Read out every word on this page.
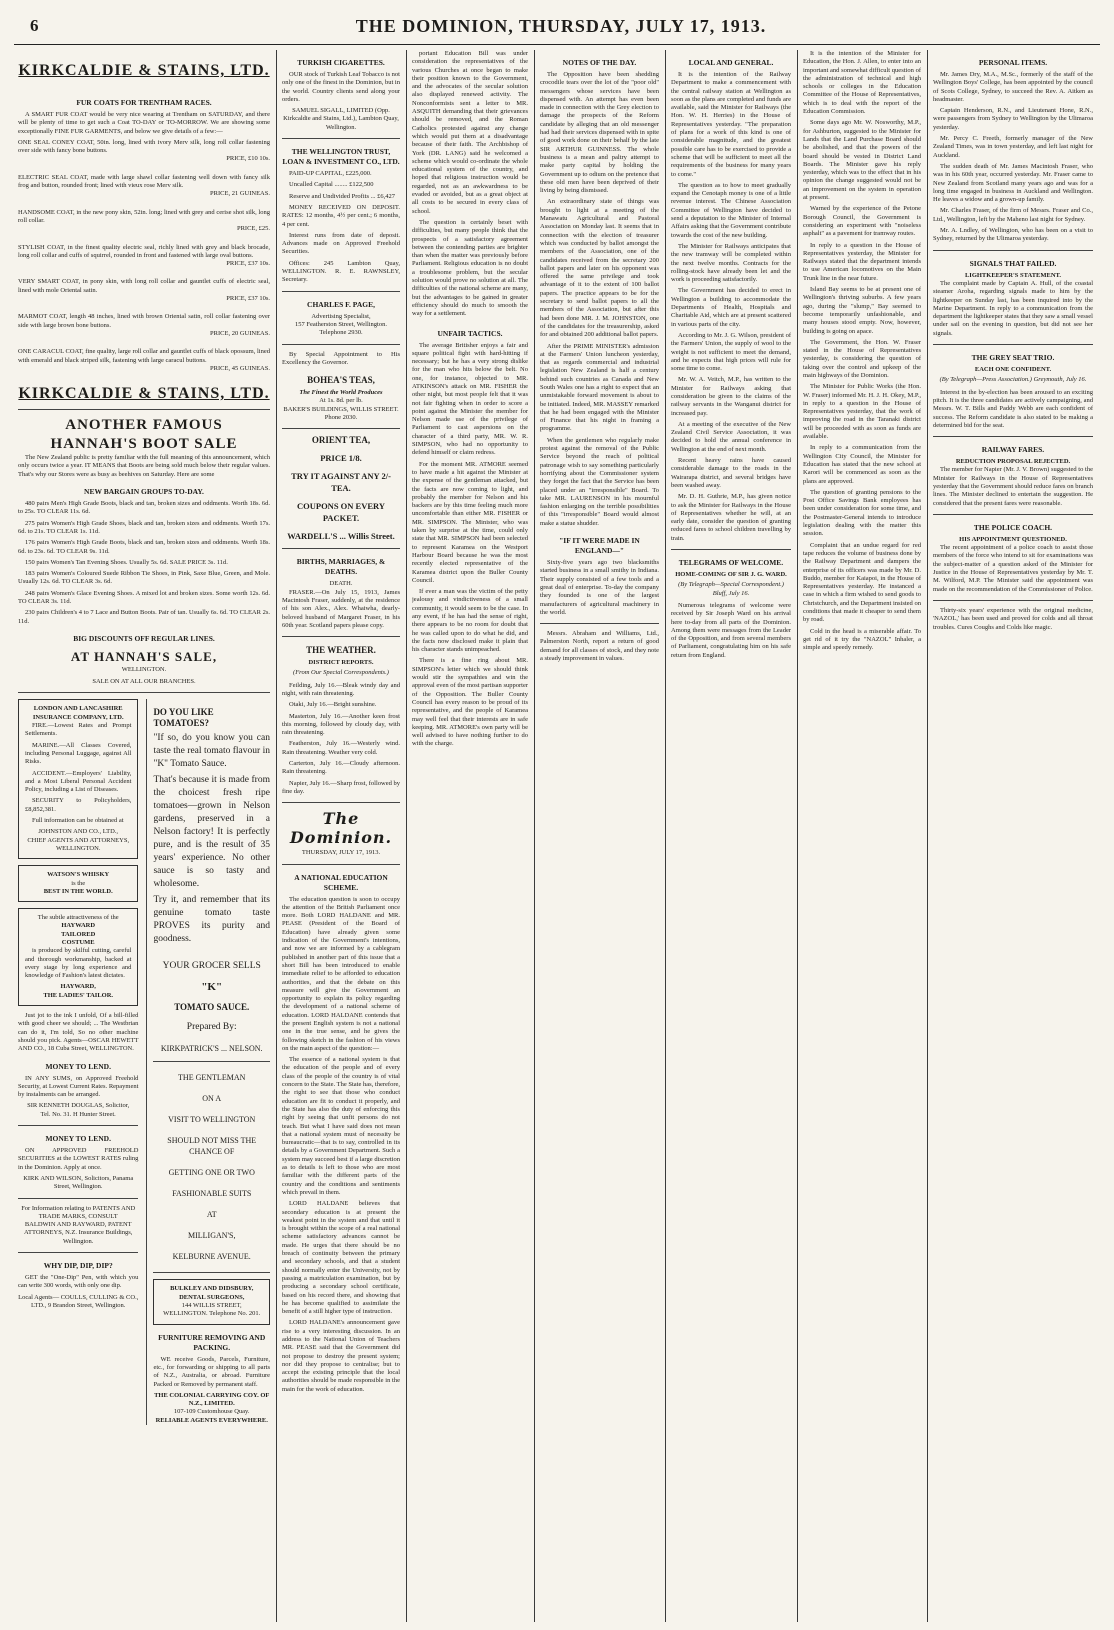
6	THE DOMINION, THURSDAY, JULY 17, 1913.
KIRKCALDIE & STAINS, LTD.
FUR COATS FOR TRENTHAM RACES.

A SMART FUR COAT would be very nice wearing at Trentham on SATURDAY, and there will be plenty of time to get such a Coat TO-DAY or TO-MORROW. We are showing some exceptionally FINE FUR GARMENTS, and below we give details of a few:—

ONE SEAL CONEY COAT, 50in. long, lined with ivory Merv silk, long roll collar fastening over side with fancy bone buttons.
PRICE, £10 10s.
ELECTRIC SEAL COAT, made with large shawl collar fastening well down with fancy silk frog and button, rounded front; lined with vieux rose Merv silk.
PRICE, 21 GUINEAS.
HANDSOME COAT, in the new pony skin, 52in. long; lined with grey and cerise shot silk, long roll collar.
PRICE, £25.
STYLISH COAT, in the finest quality electric seal, richly lined with grey and black brocade, long roll collar and cuffs of squirrel, rounded in front and fastened with large oval buttons.
PRICE, £37 10s.
VERY SMART COAT, in pony skin, with long roll collar and gauntlet cuffs of electric seal, lined with mole Oriental satin.
PRICE, £37 10s.
MARMOT COAT, length 48 inches, lined with brown Oriental satin, roll collar fastening over side with large brown bone buttons.
PRICE, 20 GUINEAS.
ONE CARACUL COAT, fine quality, large roll collar and gauntlet cuffs of black opossum, lined with emerald and black striped silk, fastening with large caracul buttons.
PRICE, 45 GUINEAS.
KIRKCALDIE & STAINS, LTD.
ANOTHER FAMOUS
HANNAH'S BOOT SALE

The New Zealand public is pretty familiar with the full meaning of this announcement, which only occurs twice a year. IT MEANS that Boots are being sold much below their regular values. That's why our Stores were as busy as beehives on Saturday. Here are some

NEW BARGAIN GROUPS TO-DAY.

480 pairs Men's High Grade Boots, black and tan, broken sizes and oddments. Worth 18s. 6d. to 25s. TO CLEAR 11s. 6d.

275 pairs Women's High Grade Shoes, black and tan, broken sizes and oddments. Worth 17s. 6d. to 21s. TO CLEAR 1s. 11d.

176 pairs Women's High Grade Boots, black and tan, broken sizes and oddments. Worth 18s. 6d. to 23s. 6d. TO CLEAR 9s. 11d.

150 pairs Women's Tan Evening Shoes. Usually 5s. 6d. SALE PRICE 3s. 11d.

183 pairs Women's Coloured Suede Ribbon Tie Shoes, in Pink, Saxe Blue, Green, and Mole. Usually 12s. 6d. TO CLEAR 3s. 6d.

248 pairs Women's Glace Evening Shoes. A mixed lot and broken sizes. Some worth 12s. 6d. TO CLEAR 3s. 11d.

230 pairs Children's 4 to 7 Lace and Button Boots. Pair of tan. Usually 6s. 6d. TO CLEAR 2s. 11d.

BIG DISCOUNTS OFF REGULAR LINES.
AT HANNAH'S SALE,
WELLINGTON.
SALE ON AT ALL OUR BRANCHES.
LONDON AND LANCASHIRE INSURANCE COMPANY, LTD.

FIRE.—Lowest Rates and Prompt Settlements.

MARINE.—All Classes Covered, including Personal Luggage, against All Risks.

ACCIDENT.—Employers' Liability, and a Most Liberal Personal Accident Policy, including a List of Diseases.

SECURITY to Policyholders, £8,852,381.

Full information can be obtained at

JOHNSTON AND CO., LTD.,
CHIEF AGENTS AND ATTORNEYS,
WELLINGTON.
WATSON'S WHISKY
is the
BEST IN THE WORLD.
The subtle attractiveness of the
HAYWARD
TAILORED
COSTUME

is produced by skilful cutting, careful and thorough workmanship, backed at every stage by long experience and knowledge of Fashion's latest dictates.

HAYWARD,
THE LADIES' TAILOR.

Just jot to the ink I unfold, Of a bill-filled with good cheer we should; ... The Westbrian can do it, I'm told, So no other machine should you pick. Agents—OSCAR HEWETT AND CO., 18 Cuba Street, WELLINGTON.

MONEY TO LEND.

IN ANY SUMS, on Approved Freehold Security, at Lowest Current Rates. Repayment by instalments can be arranged.

SIR KENNETH DOUGLAS, Solicitor,
Tel. No. 31. H Hunter Street.
MONEY TO LEND.

ON APPROVED FREEHOLD SECURITIES at the LOWEST RATES ruling in the Dominion. Apply at once.

KIRK AND WILSON, Solicitors, Panama Street, Wellington.
For Information relating to PATENTS AND TRADE MARKS, CONSULT
BALDWIN AND RAYWARD, PATENT ATTORNEYS, N.Z. Insurance Buildings, Wellington.
WHY DIP, DIP, DIP?

GET the "One-Dip" Pen, with which you can write 300 words, with only one dip.

Local Agents— COULLS, CULLING & CO., LTD., 9 Brandon Street, Wellington.
DO YOU LIKE TOMATOES?

"If so, do you know you can taste the real tomato flavour in "K" Tomato Sauce.

That's because it is made from the choicest fresh ripe tomatoes—grown in Nelson gardens, preserved in a Nelson factory! It is perfectly pure, and is the result of 35 years' experience. No other sauce is so tasty and wholesome.

Try it, and remember that its genuine tomato taste PROVES its purity and goodness.

YOUR GROCER SELLS
"K"
TOMATO SAUCE.
Prepared By:
KIRKPATRICK'S ... NELSON.
THE GENTLEMAN
ON A
VISIT TO WELLINGTON
SHOULD NOT MISS THE CHANCE OF
GETTING ONE OR TWO
FASHIONABLE SUITS
AT
MILLIGAN'S,
KELBURNE AVENUE.
BULKLEY AND DIDSBURY, DENTAL SURGEONS,
144 WILLIS STREET, WELLINGTON. Telephone No. 201.
FURNITURE REMOVING AND PACKING.

WE receive Goods, Parcels, Furniture, etc., for forwarding or shipping to all parts of N.Z., Australia, or abroad. Furniture Packed or Removed by permanent staff.

THE COLONIAL CARRYING COY. OF N.Z., LIMITED.
107-109 Customhouse Quay.
RELIABLE AGENTS EVERYWHERE.
TURKISH CIGARETTES.

OUR stock of Turkish Leaf Tobacco is not only one of the finest in the Dominion, but in the world. Country clients send along your orders.

SAMUEL SIGALL, LIMITED (Opp. Kirkcaldie and Stains, Ltd.), Lambton Quay, Wellington.
THE WELLINGTON TRUST, LOAN & INVESTMENT CO., LTD.

PAID-UP CAPITAL, £225,000.

Uncalled Capital ........ £122,500

Reserve and Undivided Profits ... £6,427

MONEY RECEIVED ON DEPOSIT. RATES: 12 months, 4½ per cent.; 6 months, 4 per cent.

Interest runs from date of deposit. Advances made on Approved Freehold Securities.

Offices: 245 Lambton Quay, WELLINGTON. R. E. RAWNSLEY, Secretary.

CHARLES F. PAGE,
Advertising Specialist,
157 Featherston Street, Wellington.
Telephone 2930.

By Special Appointment to His Excellency the Governor.

BOHEA'S TEAS,
The Finest the World Produces
At 1s. 8d. per lb.
BAKER'S BUILDINGS, WILLIS STREET.
Phone 2030.
ORIENT TEA,
PRICE 1/8.
TRY IT AGAINST ANY 2/- TEA.
COUPONS ON EVERY PACKET.
WARDELL'S ... Willis Street.
BIRTHS, MARRIAGES, & DEATHS.
DEATH.

FRASER.—On July 15, 1913, James Macintosh Fraser, suddenly, at the residence of his son Alex., Alex. Whaiwha, dearly-beloved husband of Margaret Fraser, in his 60th year. Scotland papers please copy.

THE WEATHER.
DISTRICT REPORTS.
(From Our Special Correspondents.)

Feilding, July 16.—Bleak windy day and night, with rain threatening.

Otaki, July 16.—Bright sunshine.

Masterton, July 16.—Another keen frost this morning, followed by cloudy day, with rain threatening.

Featherston, July 16.—Westerly wind. Rain threatening. Weather very cold.

Carterton, July 16.—Cloudy afternoon. Rain threatening.

Napier, July 16.—Sharp frost, followed by fine day.

The Dominion.
THURSDAY, JULY 17, 1913.
A NATIONAL EDUCATION SCHEME.

The education question is soon to occupy the attention of the British Parliament once more. Both LORD HALDANE and MR. PEASE (President of the Board of Education) have already given some indication of the Government's intentions, and now we are informed by a cablegram published in another part of this issue that a short Bill has been introduced to enable immediate relief to be afforded to education authorities, and that the debate on this measure will give the Government an opportunity to explain its policy regarding the development of a national scheme of education. LORD HALDANE contends that the present English system is not a national one in the true sense, and he gives the following sketch in the fashion of his views on the main aspect of the question:—

The essence of a national system is that the education of the people and of every class of the people of the country is of vital concern to the State. The State has, therefore, the right to see that those who conduct education are fit to conduct it properly, and the State has also the duty of enforcing this right by seeing that unfit persons do not teach. But what I have said does not mean that a national system must of necessity be bureaucratic—that is to say, controlled in its details by a Government Department. Such a system may succeed best if a large discretion as to details is left to those who are most familiar with the different parts of the country and the conditions and sentiments which prevail in them.

LORD HALDANE believes that secondary education is at present the weakest point in the system and that until it is brought within the scope of a real national scheme satisfactory advances cannot be made. He urges that there should be no breach of continuity between the primary and secondary schools, and that a student should normally enter the University, not by passing a matriculation examination, but by producing a secondary school certificate, based on his record there, and showing that he has become qualified to assimilate the benefit of a still higher type of instruction.

LORD HALDANE's announcement gave rise to a very interesting discussion. In an address to the National Union of Teachers MR. PEASE said that the Government did not propose to destroy the present system; nor did they propose to centralise; but to accept the existing principle that the local authorities should be made responsible in the main for the work of education.

portant Education Bill was under consideration the representatives of the various Churches at once began to make their position known to the Government, and the advocates of the secular solution also displayed renewed activity. The Nonconformists sent a letter to MR. ASQUITH demanding that their grievances should be removed, and the Roman Catholics protested against any change which would put them at a disadvantage because of their faith. The Archbishop of York (DR. LANG) said he welcomed a scheme which would co-ordinate the whole educational system of the country, and hoped that religious instruction would be regarded, not as an awkwardness to be evaded or avoided, but as a great object at all costs to be secured in every class of school.

The question is certainly beset with difficulties, but many people think that the prospects of a satisfactory agreement between the contending parties are brighter than when the matter was previously before Parliament. Religious education is no doubt a troublesome problem, but the secular solution would prove no solution at all. The difficulties of the national scheme are many, but the advantages to be gained in greater efficiency should do much to smooth the way for a settlement.

UNFAIR TACTICS.

The average Britisher enjoys a fair and square political fight with hard-hitting if necessary; but he has a very strong dislike for the man who hits below the belt. No one, for instance, objected to MR. ATKINSON's attack on MR. FISHER the other night, but most people felt that it was not fair fighting when in order to score a point against the Minister the member for Nelson made use of the privilege of Parliament to cast aspersions on the character of a third party, MR. W. R. SIMPSON, who had no opportunity to defend himself or claim redress.

For the moment MR. ATMORE seemed to have made a hit against the Minister at the expense of the gentleman attacked, but the facts are now coming to light, and probably the member for Nelson and his backers are by this time feeling much more uncomfortable than either MR. FISHER or MR. SIMPSON. The Minister, who was taken by surprise at the time, could only state that MR. SIMPSON had been selected to represent Karamea on the Westport Harbour Board because he was the most recently elected representative of the Karamea district upon the Buller County Council.

If ever a man was the victim of the petty jealousy and vindictiveness of a small community, it would seem to be the case. In any event, if he has had the sense of right, there appears to be no room for doubt that he was called upon to do what he did, and the facts now disclosed make it plain that his character stands unimpeached.

There is a fine ring about MR. SIMPSON's letter which we should think would stir the sympathies and win the approval even of the most partisan supporter of the Opposition. The Buller County Council has every reason to be proud of its representative, and the people of Karamea may well feel that their interests are in safe keeping. MR. ATMORE's own party will be well advised to have nothing further to do with the charge.

NOTES OF THE DAY.

The Opposition have been shedding crocodile tears over the lot of the "poor old" messengers whose services have been dispensed with. An attempt has even been made in connection with the Grey election to damage the prospects of the Reform candidate by alleging that an old messenger had had their services dispensed with in spite of good work done on their behalf by the late SIR ARTHUR GUINNESS. The whole business is a mean and paltry attempt to make party capital by holding the Government up to odium on the pretence that these old men have been deprived of their living by being dismissed.

An extraordinary state of things was brought to light at a meeting of the Manawatu Agricultural and Pastoral Association on Monday last. It seems that in connection with the election of treasurer which was conducted by ballot amongst the members of the Association, one of the candidates received from the secretary 200 ballot papers and later on his opponent was offered the same privilege and took advantage of it to the extent of 100 ballot papers. The practice appears to be for the secretary to send ballot papers to all the members of the Association, but after this had been done MR. J. M. JOHNSTON, one of the candidates for the treasurership, asked for and obtained 200 additional ballot papers.

After the PRIME MINISTER's admission at the Farmers' Union luncheon yesterday, that as regards commercial and industrial legislation New Zealand is half a century behind such countries as Canada and New South Wales one has a right to expect that an unmistakable forward movement is about to be initiated. Indeed, MR. MASSEY remarked that he had been engaged with the Minister of Finance that his night in framing a programme.

When the gentlemen who regularly make protest against the removal of the Public Service beyond the reach of political patronage wish to say something particularly horrifying about the Commissioner system they forget the fact that the Service has been placed under an "irresponsible" Board. To take MR. LAURENSON in his mournful fashion enlarging on the terrible possibilities of this "irresponsible" Board would almost make a statue shudder.

"IF IT WERE MADE IN ENGLAND—"

Sixty-five years ago two blacksmiths started business in a small smithy in Indiana. Their supply consisted of a few tools and a great deal of enterprise. To-day the company they founded is one of the largest manufacturers of agricultural machinery in the world.

Messrs. Abraham and Williams, Ltd., Palmerston North, report a return of good demand for all classes of stock, and they note a steady improvement in values.

LOCAL AND GENERAL.

It is the intention of the Railway Department to make a commencement with the central railway station at Wellington as soon as the plans are completed and funds are available, said the Minister for Railways (the Hon. W. H. Herries) in the House of Representatives yesterday. "The preparation of plans for a work of this kind is one of considerable magnitude, and the greatest possible care has to be exercised to provide a scheme that will be sufficient to meet all the requirements of the business for many years to come."

The question as to how to meet gradually expand the Cenotaph money is one of a little revenue interest. The Chinese Association Committee of Wellington have decided to send a deputation to the Minister of Internal Affairs asking that the Government contribute towards the cost of the new building.

The Minister for Railways anticipates that the new tramway will be completed within the next twelve months. Contracts for the rolling-stock have already been let and the work is proceeding satisfactorily.

The Government has decided to erect in Wellington a building to accommodate the Departments of Health, Hospitals and Charitable Aid, which are at present scattered in various parts of the city.

According to Mr. J. G. Wilson, president of the Farmers' Union, the supply of wool to the weight is not sufficient to meet the demand, and he expects that high prices will rule for some time to come.

Mr. W. A. Veitch, M.P., has written to the Minister for Railways asking that consideration be given to the claims of the railway servants in the Wanganui district for increased pay.

At a meeting of the executive of the New Zealand Civil Service Association, it was decided to hold the annual conference in Wellington at the end of next month.

Recent heavy rains have caused considerable damage to the roads in the Wairarapa district, and several bridges have been washed away.

Mr. D. H. Guthrie, M.P., has given notice to ask the Minister for Railways in the House of Representatives whether he will, at an early date, consider the question of granting reduced fares to school children travelling by train.

TELEGRAMS OF WELCOME.
HOME-COMING OF SIR J. G. WARD.
(By Telegraph—Special Correspondent.) Bluff, July 16.

Numerous telegrams of welcome were received by Sir Joseph Ward on his arrival here to-day from all parts of the Dominion. Among them were messages from the Leader of the Opposition, and from several members of Parliament, congratulating him on his safe return from England.

It is the intention of the Minister for Education, the Hon. J. Allen, to enter into an important and somewhat difficult question of the administration of technical and high schools or colleges in the Education Committee of the House of Representatives, which is to deal with the report of the Education Commission.

Some days ago Mr. W. Nosworthy, M.P., for Ashburton, suggested to the Minister for Lands that the Land Purchase Board should be abolished, and that the powers of the board should be vested in District Land Boards. The Minister gave his reply yesterday, which was to the effect that in his opinion the change suggested would not be an improvement on the system in operation at present.

Warned by the experience of the Petone Borough Council, the Government is considering an experiment with "noiseless asphalt" as a pavement for tramway routes.

In reply to a question in the House of Representatives yesterday, the Minister for Railways stated that the department intends to use American locomotives on the Main Trunk line in the near future.

Island Bay seems to be at present one of Wellington's thriving suburbs. A few years ago, during the "slump," Bay seemed to become temporarily unfashionable, and many houses stood empty. Now, however, building is going on apace.

The Government, the Hon. W. Fraser stated in the House of Representatives yesterday, is considering the question of taking over the control and upkeep of the main highways of the Dominion.

The Minister for Public Works (the Hon. W. Fraser) informed Mr. H. J. H. Okey, M.P., in reply to a question in the House of Representatives yesterday, that the work of improving the road in the Taranaki district will be proceeded with as soon as funds are available.

In reply to a communication from the Wellington City Council, the Minister for Education has stated that the new school at Karori will be commenced as soon as the plans are approved.

The question of granting pensions to the Post Office Savings Bank employees has been under consideration for some time, and the Postmaster-General intends to introduce legislation dealing with the matter this session.

Complaint that an undue regard for red tape reduces the volume of business done by the Railway Department and dampers the enterprise of its officers was made by Mr. D. Buddo, member for Kaiapoi, in the House of Representatives yesterday. He instanced a case in which a firm wished to send goods to Christchurch, and the Department insisted on conditions that made it cheaper to send them by road.

Cold in the head is a miserable affair. To get rid of it try the "NAZOL" Inhaler, a simple and speedy remedy.

PERSONAL ITEMS.

Mr. James Dry, M.A., M.Sc., formerly of the staff of the Wellington Boys' College, has been appointed by the council of Scots College, Sydney, to succeed the Rev. A. Aitken as headmaster.

Captain Henderson, R.N., and Lieutenant Hone, R.N., were passengers from Sydney to Wellington by the Ulimaroa yesterday.

Mr. Percy C. Freeth, formerly manager of the New Zealand Times, was in town yesterday, and left last night for Auckland.

The sudden death of Mr. James Macintosh Fraser, who was in his 60th year, occurred yesterday. Mr. Fraser came to New Zealand from Scotland many years ago and was for a long time engaged in business in Auckland and Wellington. He leaves a widow and a grown-up family.

Mr. Charles Fraser, of the firm of Messrs. Fraser and Co., Ltd., Wellington, left by the Maheno last night for Sydney.

Mr. A. Lndley, of Wellington, who has been on a visit to Sydney, returned by the Ulimaroa yesterday.

SIGNALS THAT FAILED.
LIGHTKEEPER'S STATEMENT.

The complaint made by Captain A. Hull, of the coastal steamer Aroha, regarding signals made to him by the lightkeeper on Sunday last, has been inquired into by the Marine Department. In reply to a communication from the department the lightkeeper states that they saw a small vessel under sail on the evening in question, but did not see her signals.

THE GREY SEAT TRIO.
EACH ONE CONFIDENT.
(By Telegraph—Press Association.) Greymouth, July 16.

Interest in the by-election has been aroused to an exciting pitch. It is the three candidates are actively campaigning, and Messrs. W. T. Bills and Paddy Webb are each confident of success. The Reform candidate is also stated to be making a determined bid for the seat.

RAILWAY FARES.
REDUCTION PROPOSAL REJECTED.

The member for Napier (Mr. J. V. Brown) suggested to the Minister for Railways in the House of Representatives yesterday that the Government should reduce fares on branch lines. The Minister declined to entertain the suggestion. He considered that the present fares were reasonable.

THE POLICE COACH.
HIS APPOINTMENT QUESTIONED.

The recent appointment of a police coach to assist those members of the force who intend to sit for examinations was the subject-matter of a question asked of the Minister for Justice in the House of Representatives yesterday by Mr. T. M. Wilford, M.P. The Minister said the appointment was made on the recommendation of the Commissioner of Police.

Thirty-six years' experience with the original medicine, 'NAZOL,' has been used and proved for colds and all throat troubles. Cures Coughs and Colds like magic.
